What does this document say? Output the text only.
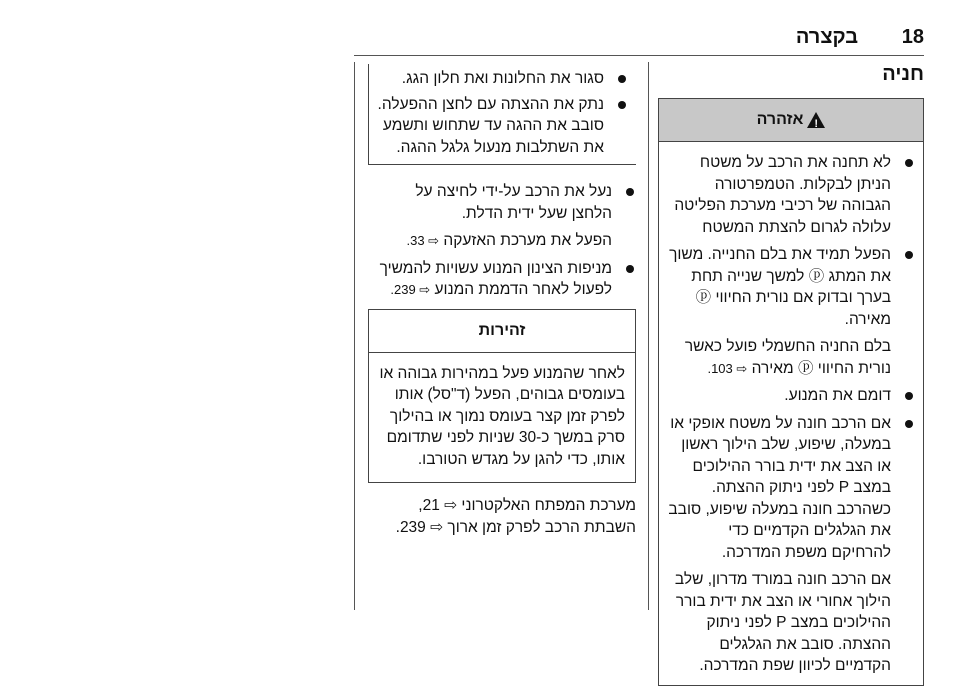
18
בקצרה
חניה
!
אזהרה

לא תחנה את הרכב על משטח הניתן לבקלות. הטמפרטורה הגבוהה של רכיבי מערכת הפליטה עלולה לגרום להצתת המשטח

הפעל תמיד את בלם החנייה. משוך את המתג ⓟ למשך שנייה תחת בערך ובדוק אם נורית החיווי ⓟ מאירה.

בלם החניה החשמלי פועל כאשר נורית החיווי ⓟ מאירה ⇨ 103.

דומם את המנוע.

אם הרכב חונה על משטח אופקי או במעלה, שיפוע, שלב הילוך ראשון או הצב את ידית בורר ההילוכים במצב P לפני ניתוק ההצתה.

כשהרכב חונה במעלה שיפוע, סובב את הגלגלים הקדמיים כדי להרחיקם משפת המדרכה.

אם הרכב חונה במורד מדרון, שלב הילוך אחורי או הצב את ידית בורר ההילוכים במצב P לפני ניתוק ההצתה. סובב את הגלגלים הקדמיים לכיוון שפת המדרכה.

סגור את החלונות ואת חלון הגג.

נתק את ההצתה עם לחצן ההפעלה. סובב את ההגה עד שתחוש ותשמע את השתלבות מנעול גלגל ההגה.

נעל את הרכב על-ידי לחיצה על הלחצן שעל ידית הדלת.

הפעל את מערכת האזעקה ⇨ 33.

מניפות הצינון המנוע עשויות להמשיך לפעול לאחר הדממת המנוע ⇨ 239.

זהירות

לאחר שהמנוע פעל במהירות גבוהה או בעומסים גבוהים, הפעל (ד"סל) אותו לפרק זמן קצר בעומס נמוך או בהילוך סרק במשך כ-30 שניות לפני שתדומם אותו, כדי להגן על מגדש הטורבו.

מערכת המפתח האלקטרוני ⇨ 21,

השבתת הרכב לפרק זמן ארוך ⇨ 239.
